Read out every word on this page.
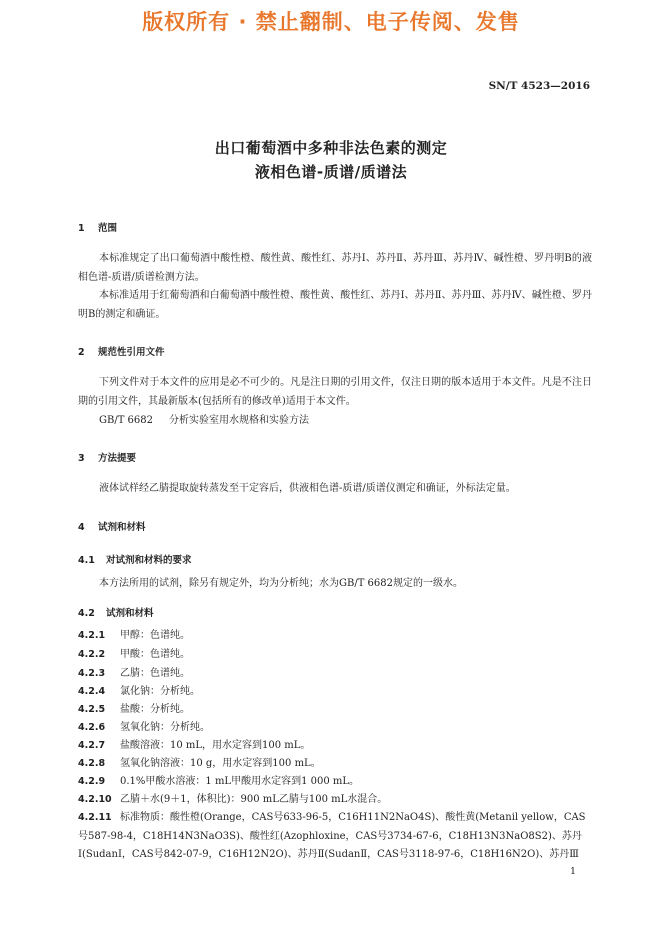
版权所有 · 禁止翻制、电子传阅、发售
SN/T 4523—2016
出口葡萄酒中多种非法色素的测定
液相色谱-质谱/质谱法
1 范围
本标准规定了出口葡萄酒中酸性橙、酸性黄、酸性红、苏丹Ⅰ、苏丹Ⅱ、苏丹Ⅲ、苏丹Ⅳ、碱性橙、罗丹明B的液相色谱-质谱/质谱检测方法。
本标准适用于红葡萄酒和白葡萄酒中酸性橙、酸性黄、酸性红、苏丹Ⅰ、苏丹Ⅱ、苏丹Ⅲ、苏丹Ⅳ、碱性橙、罗丹明B的测定和确证。
2 规范性引用文件
下列文件对于本文件的应用是必不可少的。凡是注日期的引用文件，仅注日期的版本适用于本文件。凡是不注日期的引用文件，其最新版本(包括所有的修改单)适用于本文件。
GB/T 6682 分析实验室用水规格和实验方法
3 方法提要
液体试样经乙腈提取旋转蒸发至干定容后，供液相色谱-质谱/质谱仪测定和确证，外标法定量。
4 试剂和材料
4.1 对试剂和材料的要求
本方法所用的试剂，除另有规定外，均为分析纯；水为GB/T 6682规定的一级水。
4.2 试剂和材料
4.2.1 甲醇：色谱纯。
4.2.2 甲酸：色谱纯。
4.2.3 乙腈：色谱纯。
4.2.4 氯化钠：分析纯。
4.2.5 盐酸：分析纯。
4.2.6 氢氧化钠：分析纯。
4.2.7 盐酸溶液：10 mL，用水定容到100 mL。
4.2.8 氢氧化钠溶液：10 g，用水定容到100 mL。
4.2.9 0.1%甲酸水溶液：1 mL甲酸用水定容到1 000 mL。
4.2.10 乙腈＋水(9＋1，体积比)：900 mL乙腈与100 mL水混合。
4.2.11 标准物质：酸性橙(Orange，CAS号633-96-5，C16H11N2NaO4S)、酸性黄(Metanil yellow，CAS号587-98-4，C18H14N3NaO3S)、酸性红(Azophloxine，CAS号3734-67-6，C18H13N3NaO8S2)、苏丹Ⅰ(SudanⅠ，CAS号842-07-9，C16H12N2O)、苏丹Ⅱ(SudanⅡ，CAS号3118-97-6，C18H16N2O)、苏丹Ⅲ
1
